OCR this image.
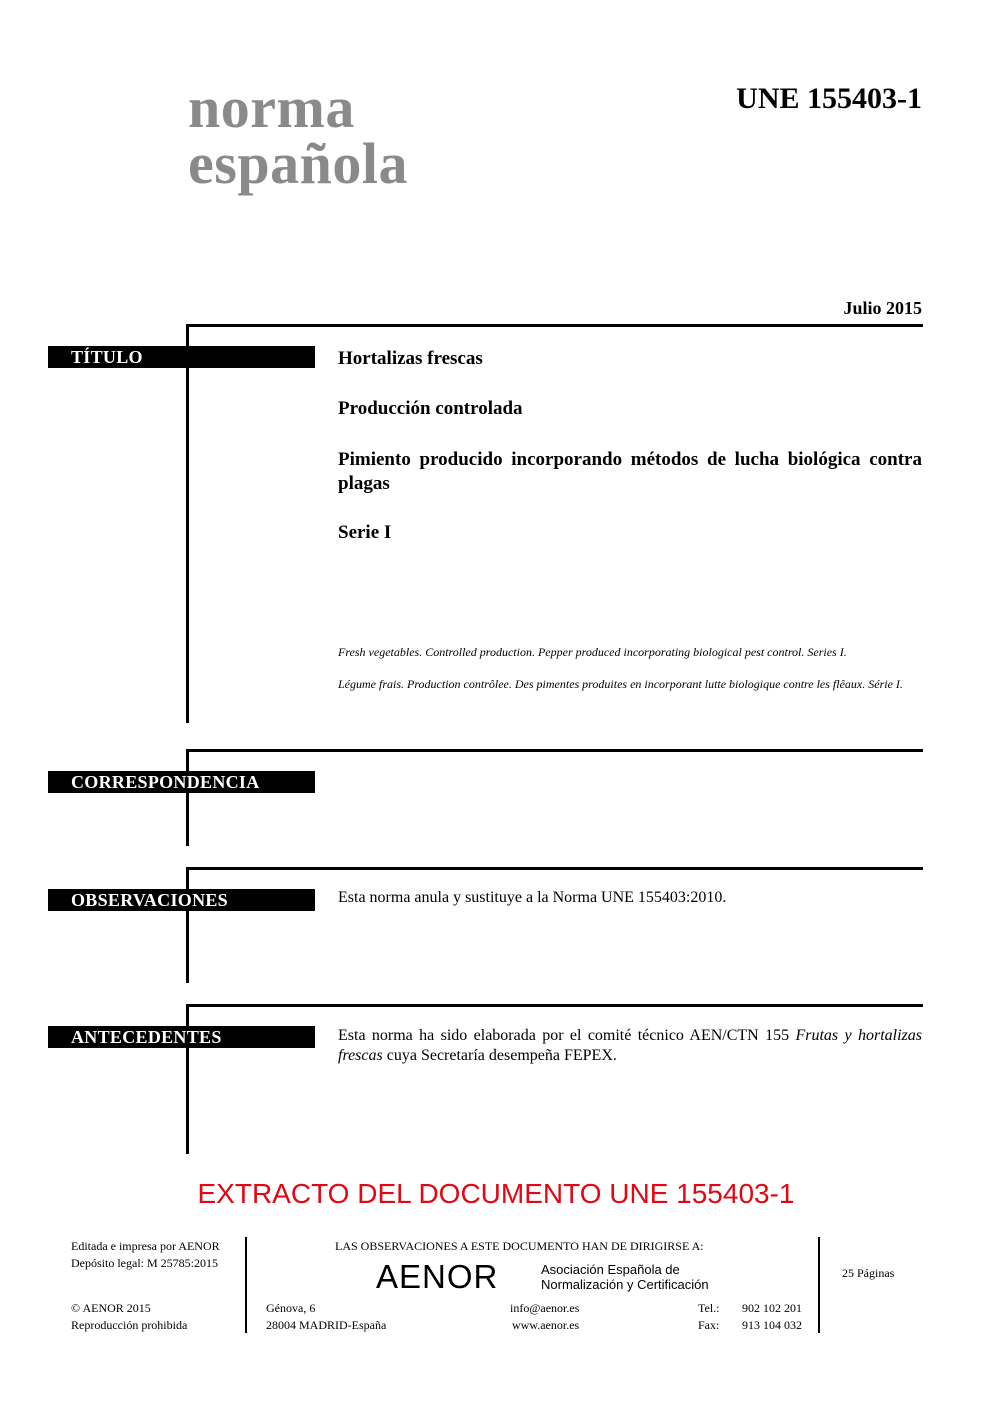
norma
española
UNE 155403-1
Julio 2015
TÍTULO	Hortalizas frescas
Producción controlada
Pimiento producido incorporando métodos de lucha biológica contra plagas
Serie I
Fresh vegetables. Controlled production. Pepper produced incorporating biological pest control. Series I.
Légume frais. Production contrôlee. Des pimentes produites en incorporant lutte biologique contre les flêaux. Série I.
CORRESPONDENCIA
OBSERVACIONES	Esta norma anula y sustituye a la Norma UNE 155403:2010.
ANTECEDENTES	Esta norma ha sido elaborada por el comité técnico AEN/CTN 155 Frutas y hortalizas frescas cuya Secretaría desempeña FEPEX.
EXTRACTO DEL DOCUMENTO UNE 155403-1
Editada e impresa por AENOR
Depósito legal: M 25785:2015
© AENOR 2015
Reproducción prohibida
LAS OBSERVACIONES A ESTE DOCUMENTO HAN DE DIRIGIRSE A:
AENOR	Asociación Española de
Normalización y Certificación
Génova, 6
28004 MADRID-España
info@aenor.es
www.aenor.es
Tel.: 902 102 201
Fax: 913 104 032
25 Páginas
